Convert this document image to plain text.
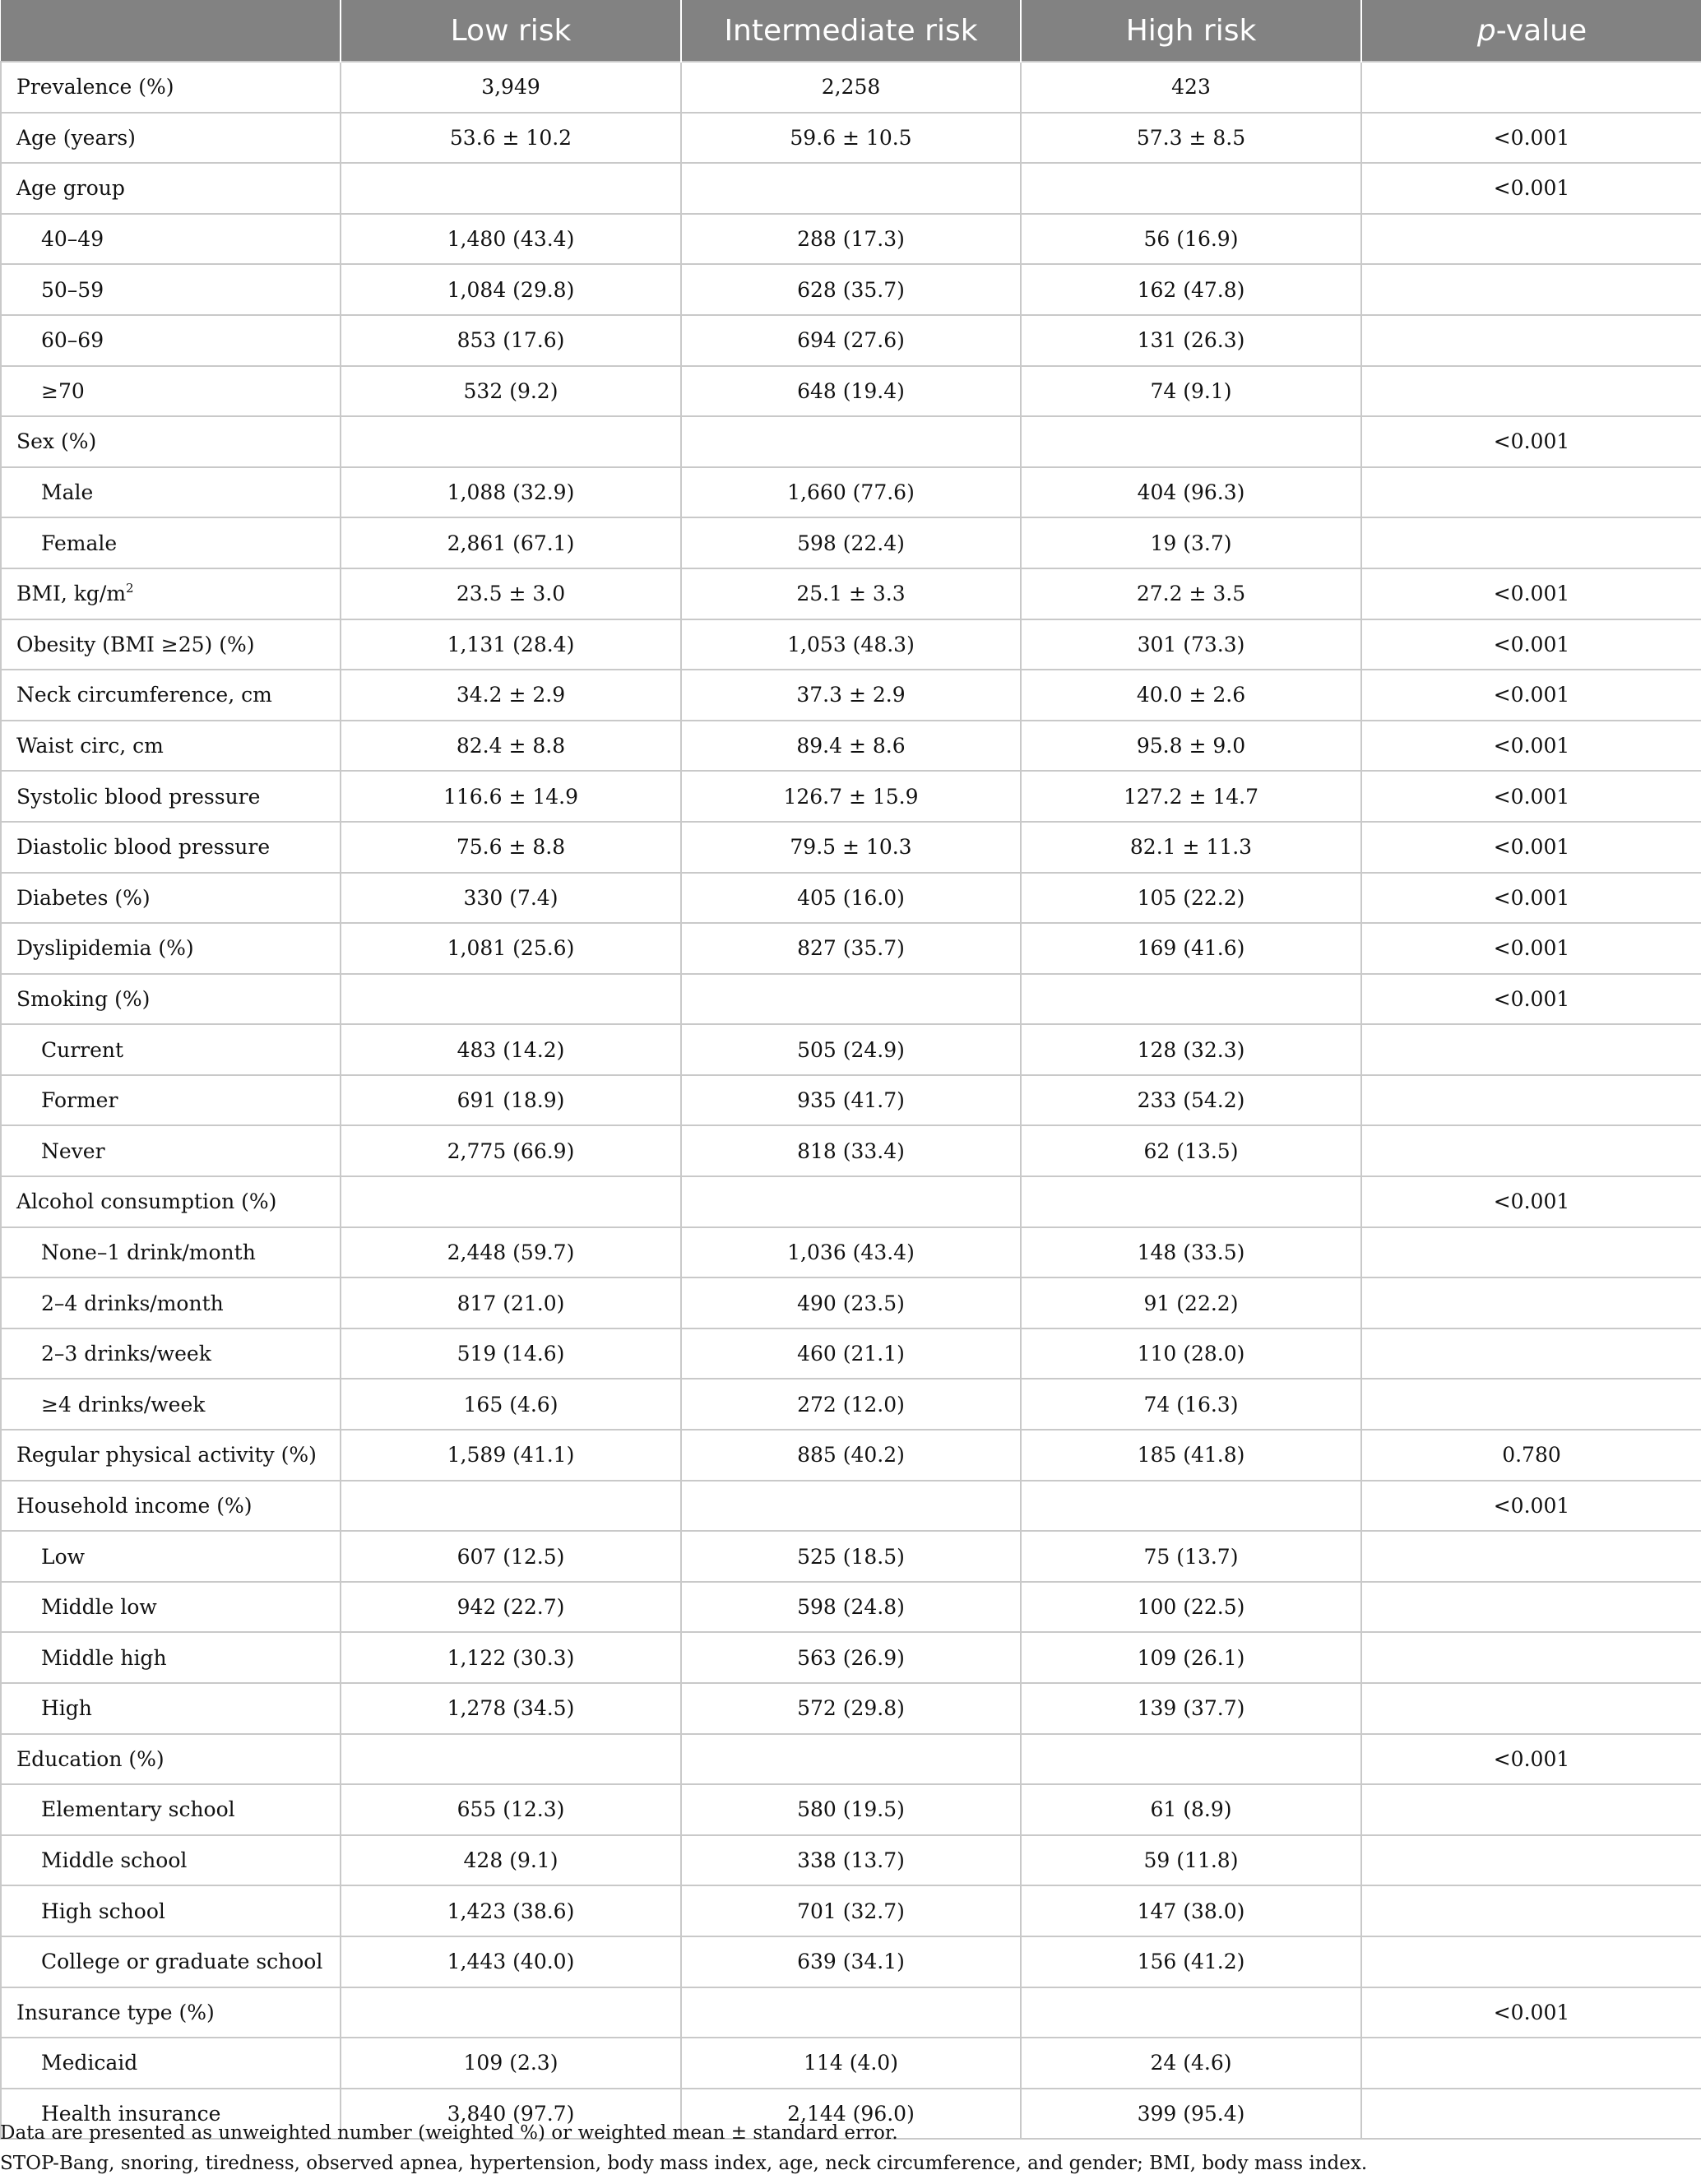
	Low risk	Intermediate risk	High risk	p-value
Prevalence (%)	3,949	2,258	423	
Age (years)	53.6 ± 10.2	59.6 ± 10.5	57.3 ± 8.5	<0.001
Age group				<0.001
40–49	1,480 (43.4)	288 (17.3)	56 (16.9)	
50–59	1,084 (29.8)	628 (35.7)	162 (47.8)	
60–69	853 (17.6)	694 (27.6)	131 (26.3)	
≥70	532 (9.2)	648 (19.4)	74 (9.1)	
Sex (%)				<0.001
Male	1,088 (32.9)	1,660 (77.6)	404 (96.3)	
Female	2,861 (67.1)	598 (22.4)	19 (3.7)	
BMI, $kg/m^2$	23.5 ± 3.0	25.1 ± 3.3	27.2 ± 3.5	<0.001
Obesity (BMI ≥25) (%)	1,131 (28.4)	1,053 (48.3)	301 (73.3)	<0.001
Neck circumference, cm	34.2 ± 2.9	37.3 ± 2.9	40.0 ± 2.6	<0.001
Waist circ, cm	82.4 ± 8.8	89.4 ± 8.6	95.8 ± 9.0	<0.001
Systolic blood pressure	116.6 ± 14.9	126.7 ± 15.9	127.2 ± 14.7	<0.001
Diastolic blood pressure	75.6 ± 8.8	79.5 ± 10.3	82.1 ± 11.3	<0.001
Diabetes (%)	330 (7.4)	405 (16.0)	105 (22.2)	<0.001
Dyslipidemia (%)	1,081 (25.6)	827 (35.7)	169 (41.6)	<0.001
Smoking (%)				<0.001
Current	483 (14.2)	505 (24.9)	128 (32.3)	
Former	691 (18.9)	935 (41.7)	233 (54.2)	
Never	2,775 (66.9)	818 (33.4)	62 (13.5)	
Alcohol consumption (%)				<0.001
None–1 drink/month	2,448 (59.7)	1,036 (43.4)	148 (33.5)	
2–4 drinks/month	817 (21.0)	490 (23.5)	91 (22.2)	
2–3 drinks/week	519 (14.6)	460 (21.1)	110 (28.0)	
≥4 drinks/week	165 (4.6)	272 (12.0)	74 (16.3)	
Regular physical activity (%)	1,589 (41.1)	885 (40.2)	185 (41.8)	0.780
Household income (%)				<0.001
Low	607 (12.5)	525 (18.5)	75 (13.7)	
Middle low	942 (22.7)	598 (24.8)	100 (22.5)	
Middle high	1,122 (30.3)	563 (26.9)	109 (26.1)	
High	1,278 (34.5)	572 (29.8)	139 (37.7)	
Education (%)				<0.001
Elementary school	655 (12.3)	580 (19.5)	61 (8.9)	
Middle school	428 (9.1)	338 (13.7)	59 (11.8)	
High school	1,423 (38.6)	701 (32.7)	147 (38.0)	
College or graduate school	1,443 (40.0)	639 (34.1)	156 (41.2)	
Insurance type (%)				<0.001
Medicaid	109 (2.3)	114 (4.0)	24 (4.6)	
Health insurance	3,840 (97.7)	2,144 (96.0)	399 (95.4)	

Data are presented as unweighted number (weighted %) or weighted mean ± standard error.

STOP-Bang, snoring, tiredness, observed apnea, hypertension, body mass index, age, neck circumference, and gender; BMI, body mass index.
